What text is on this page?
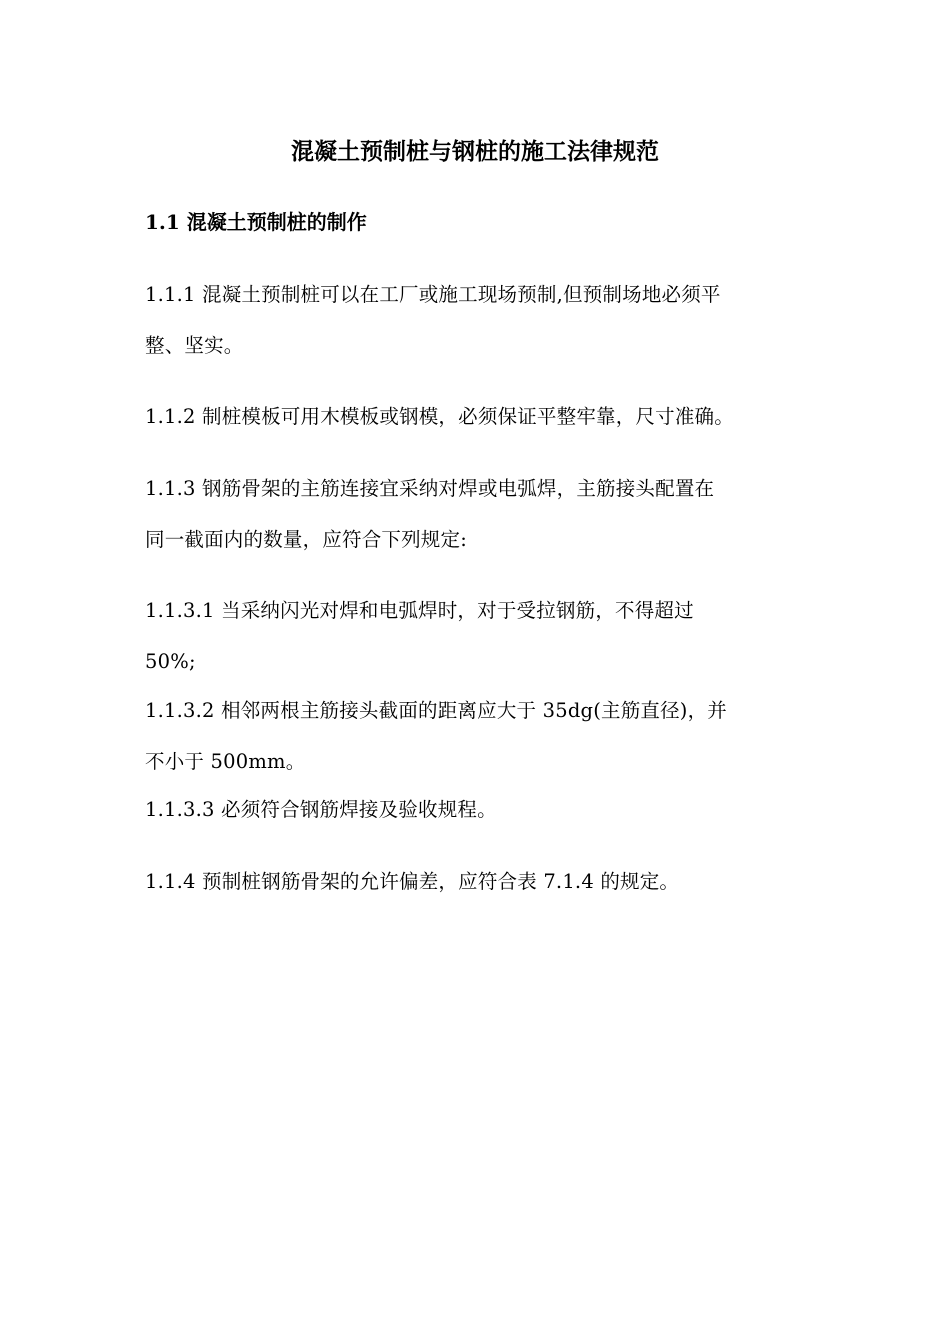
混凝土预制桩与钢桩的施工法律规范
1.1 混凝土预制桩的制作
1.1.1 混凝土预制桩可以在工厂或施工现场预制,但预制场地必须平
整、坚实。
1.1.2 制桩模板可用木模板或钢模，必须保证平整牢靠，尺寸准确。
1.1.3 钢筋骨架的主筋连接宜采纳对焊或电弧焊，主筋接头配置在
同一截面内的数量，应符合下列规定:
1.1.3.1 当采纳闪光对焊和电弧焊时，对于受拉钢筋，不得超过
50%;
1.1.3.2 相邻两根主筋接头截面的距离应大于 35dg(主筋直径)，并
不小于 500mm。
1.1.3.3 必须符合钢筋焊接及验收规程。
1.1.4 预制桩钢筋骨架的允许偏差，应符合表 7.1.4 的规定。
